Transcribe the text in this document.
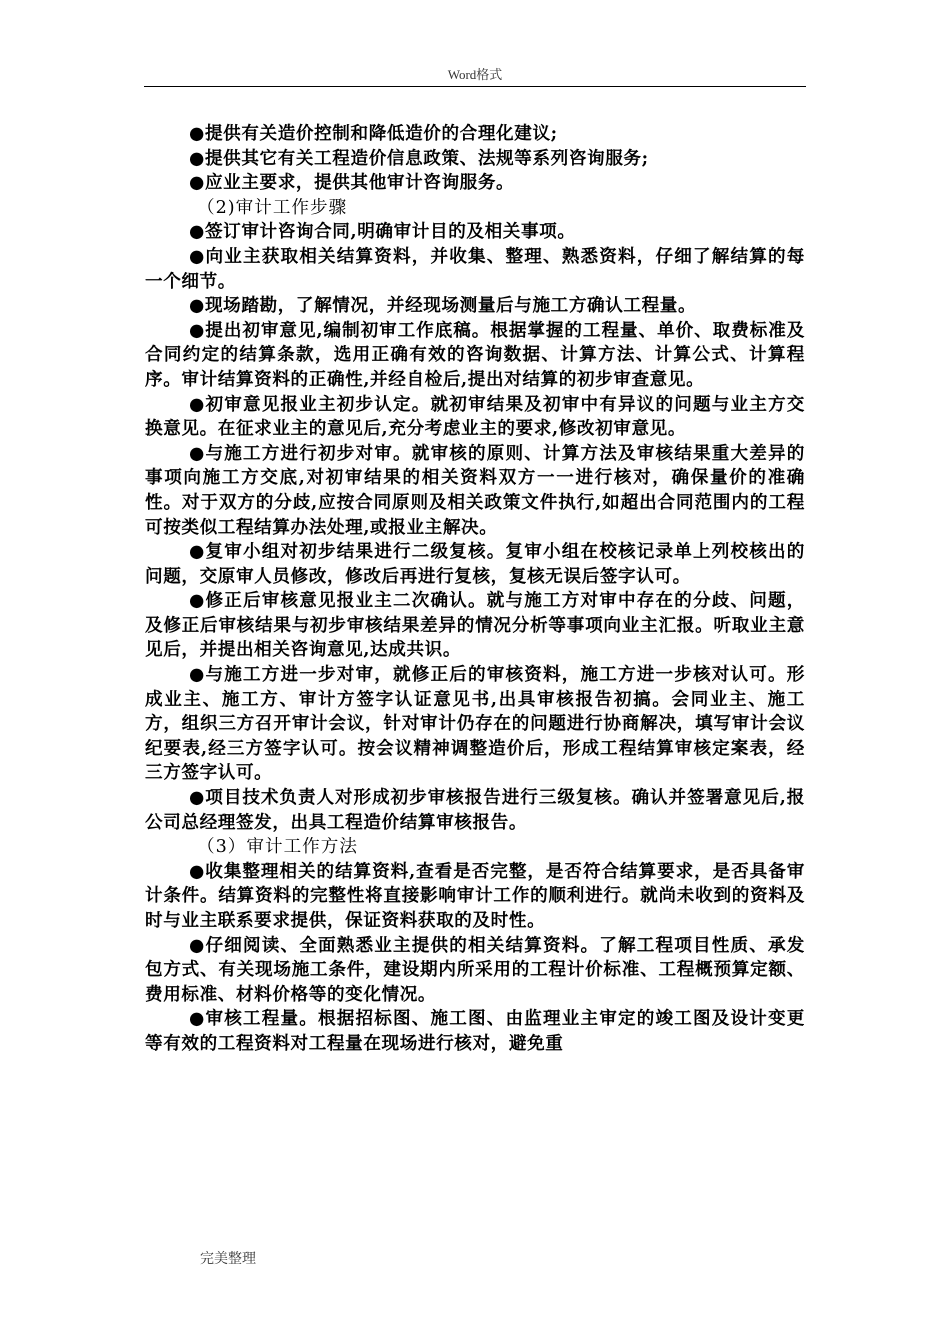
Word格式

●提供有关造价控制和降低造价的合理化建议;

●提供其它有关工程造价信息政策、法规等系列咨询服务;

●应业主要求，提供其他审计咨询服务。

（2)审计工作步骤

●签订审计咨询合同,明确审计目的及相关事项。

●向业主获取相关结算资料，并收集、整理、熟悉资料，仔细了解结算的每一个细节。

●现场踏勘，了解情况，并经现场测量后与施工方确认工程量。

●提出初审意见,编制初审工作底稿。根据掌握的工程量、单价、取费标准及合同约定的结算条款，选用正确有效的咨询数据、计算方法、计算公式、计算程序。审计结算资料的正确性,并经自检后,提出对结算的初步审查意见。

●初审意见报业主初步认定。就初审结果及初审中有异议的问题与业主方交换意见。在征求业主的意见后,充分考虑业主的要求,修改初审意见。

●与施工方进行初步对审。就审核的原则、计算方法及审核结果重大差异的事项向施工方交底,对初审结果的相关资料双方一一进行核对，确保量价的准确性。对于双方的分歧,应按合同原则及相关政策文件执行,如超出合同范围内的工程可按类似工程结算办法处理,或报业主解决。

●复审小组对初步结果进行二级复核。复审小组在校核记录单上列校核出的问题，交原审人员修改，修改后再进行复核，复核无误后签字认可。

●修正后审核意见报业主二次确认。就与施工方对审中存在的分歧、问题，及修正后审核结果与初步审核结果差异的情况分析等事项向业主汇报。听取业主意见后，并提出相关咨询意见,达成共识。

●与施工方进一步对审，就修正后的审核资料，施工方进一步核对认可。形成业主、施工方、审计方签字认证意见书,出具审核报告初搞。会同业主、施工方，组织三方召开审计会议，针对审计仍存在的问题进行协商解决，填写审计会议纪要表,经三方签字认可。按会议精神调整造价后，形成工程结算审核定案表，经三方签字认可。

●项目技术负责人对形成初步审核报告进行三级复核。确认并签署意见后,报公司总经理签发，出具工程造价结算审核报告。

（3）审计工作方法

●收集整理相关的结算资料,查看是否完整，是否符合结算要求，是否具备审计条件。结算资料的完整性将直接影响审计工作的顺利进行。就尚未收到的资料及时与业主联系要求提供，保证资料获取的及时性。

●仔细阅读、全面熟悉业主提供的相关结算资料。了解工程项目性质、承发包方式、有关现场施工条件，建设期内所采用的工程计价标准、工程概预算定额、费用标准、材料价格等的变化情况。

●审核工程量。根据招标图、施工图、由监理业主审定的竣工图及设计变更等有效的工程资料对工程量在现场进行核对，避免重

完美整理
